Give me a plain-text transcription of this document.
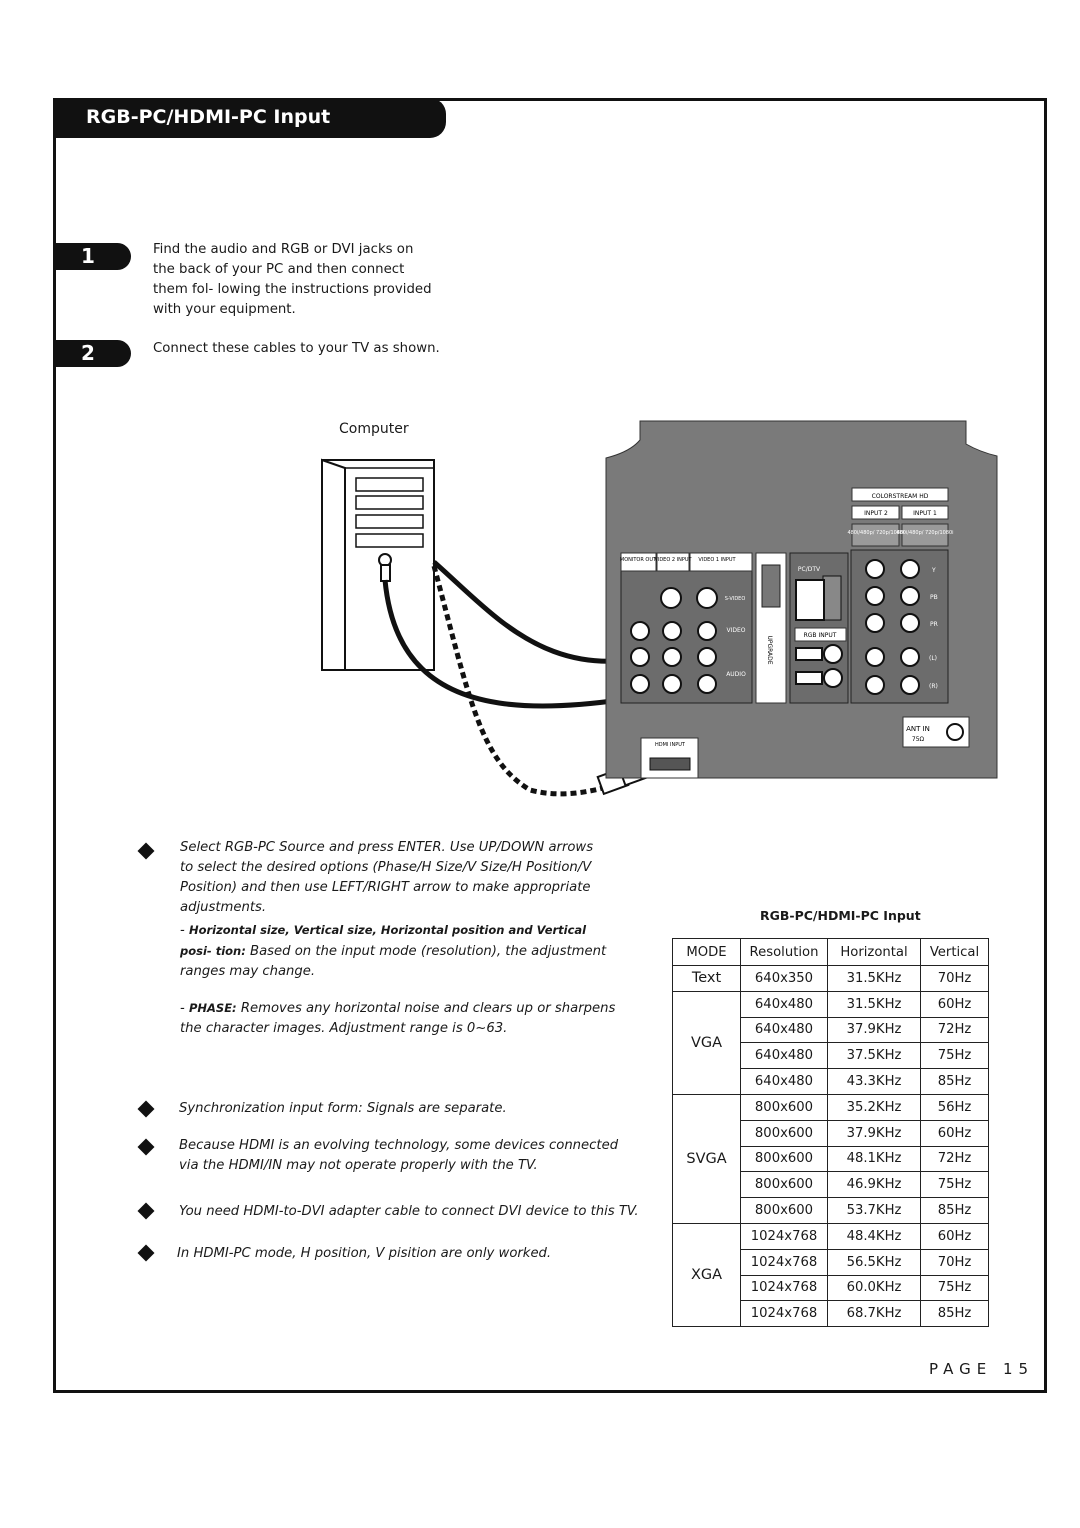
RGB-PC/HDMI-PC Input
1	Find the audio and RGB or DVI jacks on the back of your PC and then connect them fol- lowing the instructions provided with your equipment.
2	Connect these cables to your TV as shown.
Computer
COLORSTREAM HD
INPUT 2	INPUT 1
480i/480p/ 720p/1080i
480i/480p/ 720p/1080i
MONITOR OUT
VIDEO 2 INPUT VIDEO 1 INPUT
S-VIDEO
VIDEO
AUDIO
UPGRADE
PC/DTV
RGB INPUT
Y
PB
PR
(L)
(R)
ANT IN
75Ω
HDMI INPUT
Select RGB-PC Source and press ENTER. Use UP/DOWN arrows to select the desired options (Phase/H Size/V Size/H Position/V Position) and then use LEFT/RIGHT arrow to make appropriate adjustments.
- Horizontal size, Vertical size, Horizontal position and Vertical posi- tion: Based on the input mode (resolution), the adjustment ranges may change.
- PHASE: Removes any horizontal noise and clears up or sharpens the character images. Adjustment range is 0~63.
Synchronization input form: Signals are separate.
Because HDMI is an evolving technology, some devices connected via the HDMI/IN may not operate properly with the TV.
You need HDMI-to-DVI adapter cable to connect DVI device to this TV.
In HDMI-PC mode, H position, V pisition are only worked.
RGB-PC/HDMI-PC Input
MODE	Resolution	Horizontal	Vertical
Text	640x350	31.5KHz	70Hz
VGA	640x480	31.5KHz	60Hz
	640x480	37.9KHz	72Hz
	640x480	37.5KHz	75Hz
	640x480	43.3KHz	85Hz
SVGA	800x600	35.2KHz	56Hz
	800x600	37.9KHz	60Hz
	800x600	48.1KHz	72Hz
	800x600	46.9KHz	75Hz
	800x600	53.7KHz	85Hz
XGA	1024x768	48.4KHz	60Hz
	1024x768	56.5KHz	70Hz
	1024x768	60.0KHz	75Hz
	1024x768	68.7KHz	85Hz
PAGE 15
